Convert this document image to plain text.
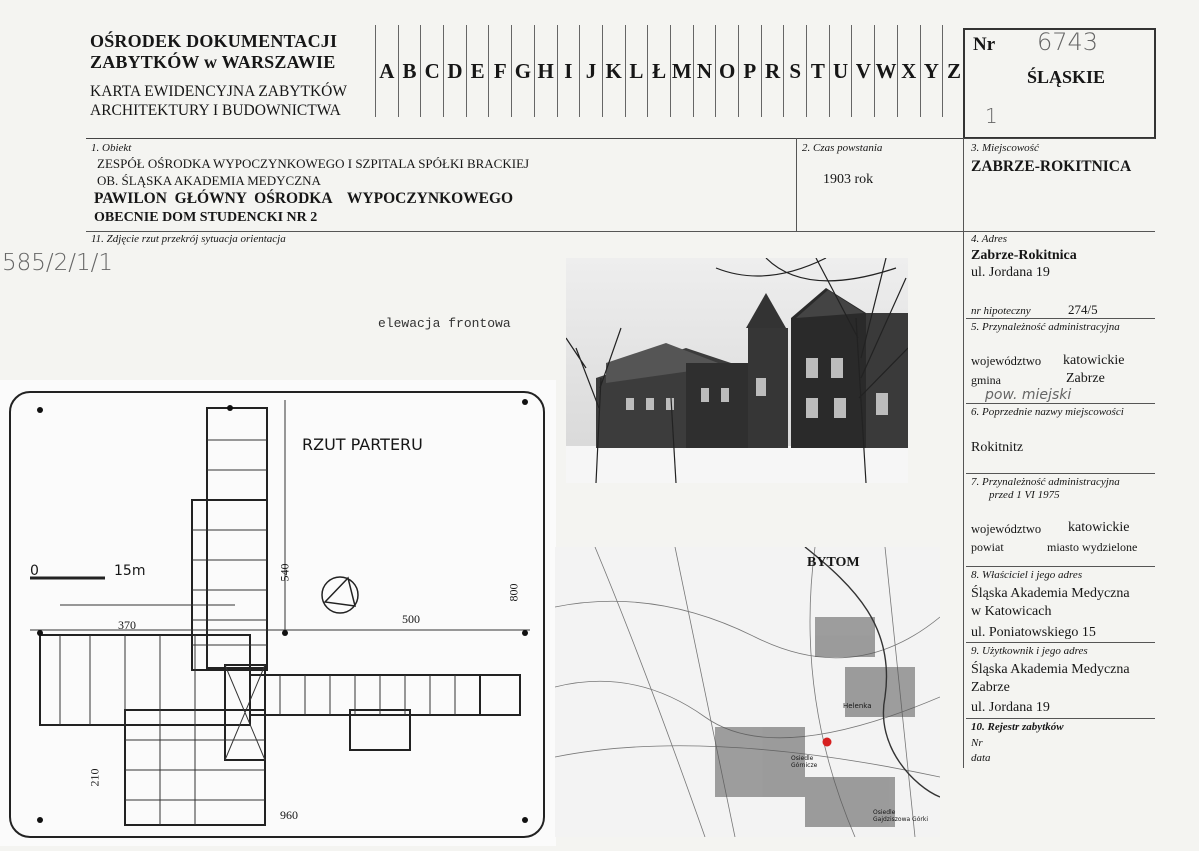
OŚRODEK DOKUMENTACJI
ZABYTKÓW w WARSZAWIE
KARTA EWIDENCYJNA ZABYTKÓW
ARCHITEKTURY I BUDOWNICTWA
A B C D E F G H I J K L Ł M N O P R S T U V W X Y Z
Nr 6743
ŚLĄSKIE
1
1. Obiekt
ZESPÓŁ OŚRODKA WYPOCZYNKOWEGO I SZPITALA SPÓŁKI BRACKIEJ
OB. ŚLĄSKA AKADEMIA MEDYCZNA
PAWILON  GŁÓWNY  OŚRODKA    WYPOCZYNKOWEGO
OBECNIE DOM STUDENCKI NR 2
2. Czas powstania
1903 rok
3. Miejscowość
ZABRZE-ROKITNICA
11. Zdjęcie rzut przekrój sytuacja orientacja
585/2/1/1
elewacja frontowa
RZUT PARTERU
0	15m	540
800
370	500
210
960
BYTOM
Helenka
Osiedle Górnicze
Osiedle Gajdziszowa Górki
4. Adres
Zabrze-Rokitnica
ul. Jordana 19
nr hipoteczny	274/5
5. Przynależność administracyjna
województwo katowickie
gmina	Zabrze
pow. miejski
6. Poprzednie nazwy miejscowości
Rokitnitz
7. Przynależność administracyjna
przed 1 VI 1975
województwo katowickie
powiat	miasto wydzielone
8. Właściciel i jego adres
Śląska Akademia Medyczna
w Katowicach
ul. Poniatowskiego 15
9. Użytkownik i jego adres
Śląska Akademia Medyczna
Zabrze
ul. Jordana 19
10. Rejestr zabytków
Nr
data
